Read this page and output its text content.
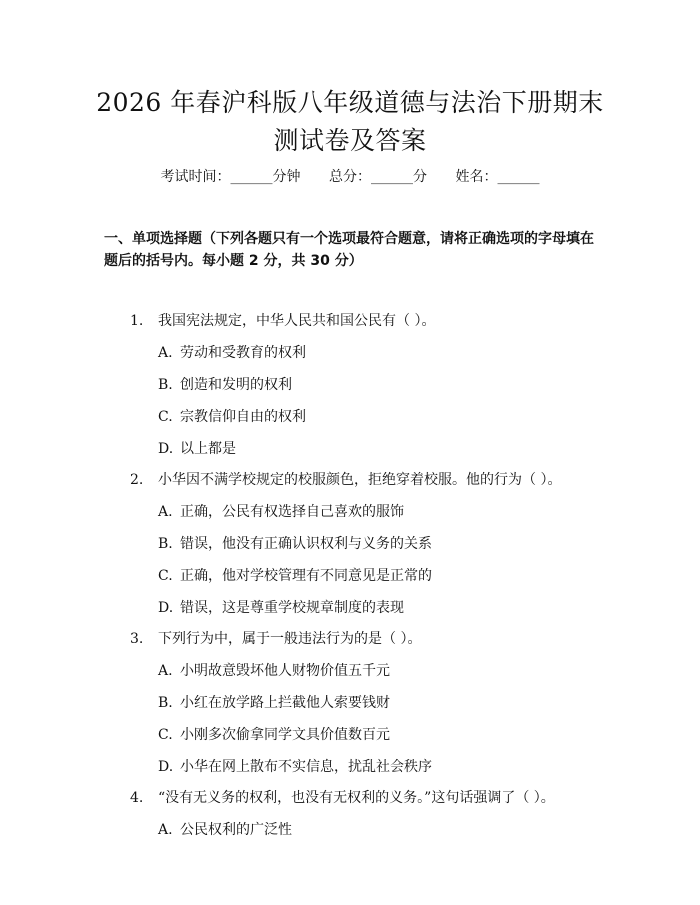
2026 年春沪科版八年级道德与法治下册期末
测试卷及答案
考试时间：______分钟 总分：______分 姓名：______
一、单项选择题（下列各题只有一个选项最符合题意，请将正确选项的字母填在题后的括号内。每小题 2 分，共 30 分）
1. 我国宪法规定，中华人民共和国公民有（ ）。
A. 劳动和受教育的权利
B. 创造和发明的权利
C. 宗教信仰自由的权利
D. 以上都是
2. 小华因不满学校规定的校服颜色，拒绝穿着校服。他的行为（ ）。
A. 正确，公民有权选择自己喜欢的服饰
B. 错误，他没有正确认识权利与义务的关系
C. 正确，他对学校管理有不同意见是正常的
D. 错误，这是尊重学校规章制度的表现
3. 下列行为中，属于一般违法行为的是（ ）。
A. 小明故意毁坏他人财物价值五千元
B. 小红在放学路上拦截他人索要钱财
C. 小刚多次偷拿同学文具价值数百元
D. 小华在网上散布不实信息，扰乱社会秩序
4. “没有无义务的权利，也没有无权利的义务。”这句话强调了（ ）。
A. 公民权利的广泛性
